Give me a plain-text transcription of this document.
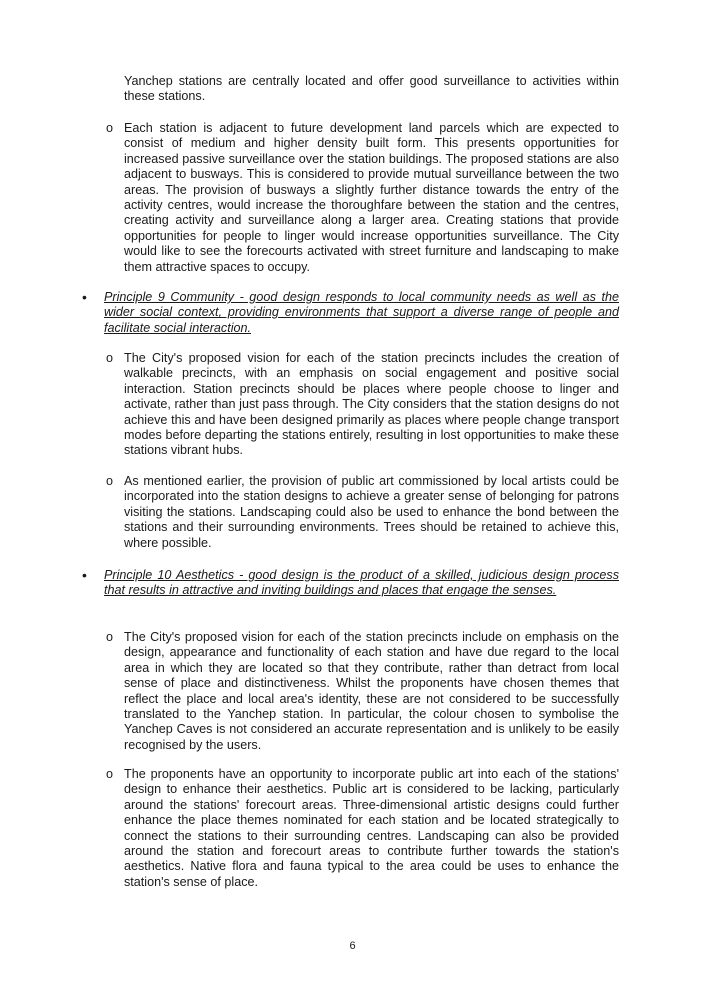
Yanchep stations are centrally located and offer good surveillance to activities within these stations.

o Each station is adjacent to future development land parcels which are expected to consist of medium and higher density built form. This presents opportunities for increased passive surveillance over the station buildings. The proposed stations are also adjacent to busways. This is considered to provide mutual surveillance between the two areas. The provision of busways a slightly further distance towards the entry of the activity centres, would increase the thoroughfare between the station and the centres, creating activity and surveillance along a larger area. Creating stations that provide opportunities for people to linger would increase opportunities surveillance. The City would like to see the forecourts activated with street furniture and landscaping to make them attractive spaces to occupy.

• Principle 9 Community - good design responds to local community needs as well as the wider social context, providing environments that support a diverse range of people and facilitate social interaction.

o The City's proposed vision for each of the station precincts includes the creation of walkable precincts, with an emphasis on social engagement and positive social interaction. Station precincts should be places where people choose to linger and activate, rather than just pass through. The City considers that the station designs do not achieve this and have been designed primarily as places where people change transport modes before departing the stations entirely, resulting in lost opportunities to make these stations vibrant hubs.

o As mentioned earlier, the provision of public art commissioned by local artists could be incorporated into the station designs to achieve a greater sense of belonging for patrons visiting the stations. Landscaping could also be used to enhance the bond between the stations and their surrounding environments. Trees should be retained to achieve this, where possible.

• Principle 10 Aesthetics - good design is the product of a skilled, judicious design process that results in attractive and inviting buildings and places that engage the senses.

o The City's proposed vision for each of the station precincts include on emphasis on the design, appearance and functionality of each station and have due regard to the local area in which they are located so that they contribute, rather than detract from local sense of place and distinctiveness. Whilst the proponents have chosen themes that reflect the place and local area's identity, these are not considered to be successfully translated to the Yanchep station. In particular, the colour chosen to symbolise the Yanchep Caves is not considered an accurate representation and is unlikely to be easily recognised by the users.

o The proponents have an opportunity to incorporate public art into each of the stations' design to enhance their aesthetics. Public art is considered to be lacking, particularly around the stations' forecourt areas. Three-dimensional artistic designs could further enhance the place themes nominated for each station and be located strategically to connect the stations to their surrounding centres. Landscaping can also be provided around the station and forecourt areas to contribute further towards the station's aesthetics. Native flora and fauna typical to the area could be uses to enhance the station's sense of place.

6
